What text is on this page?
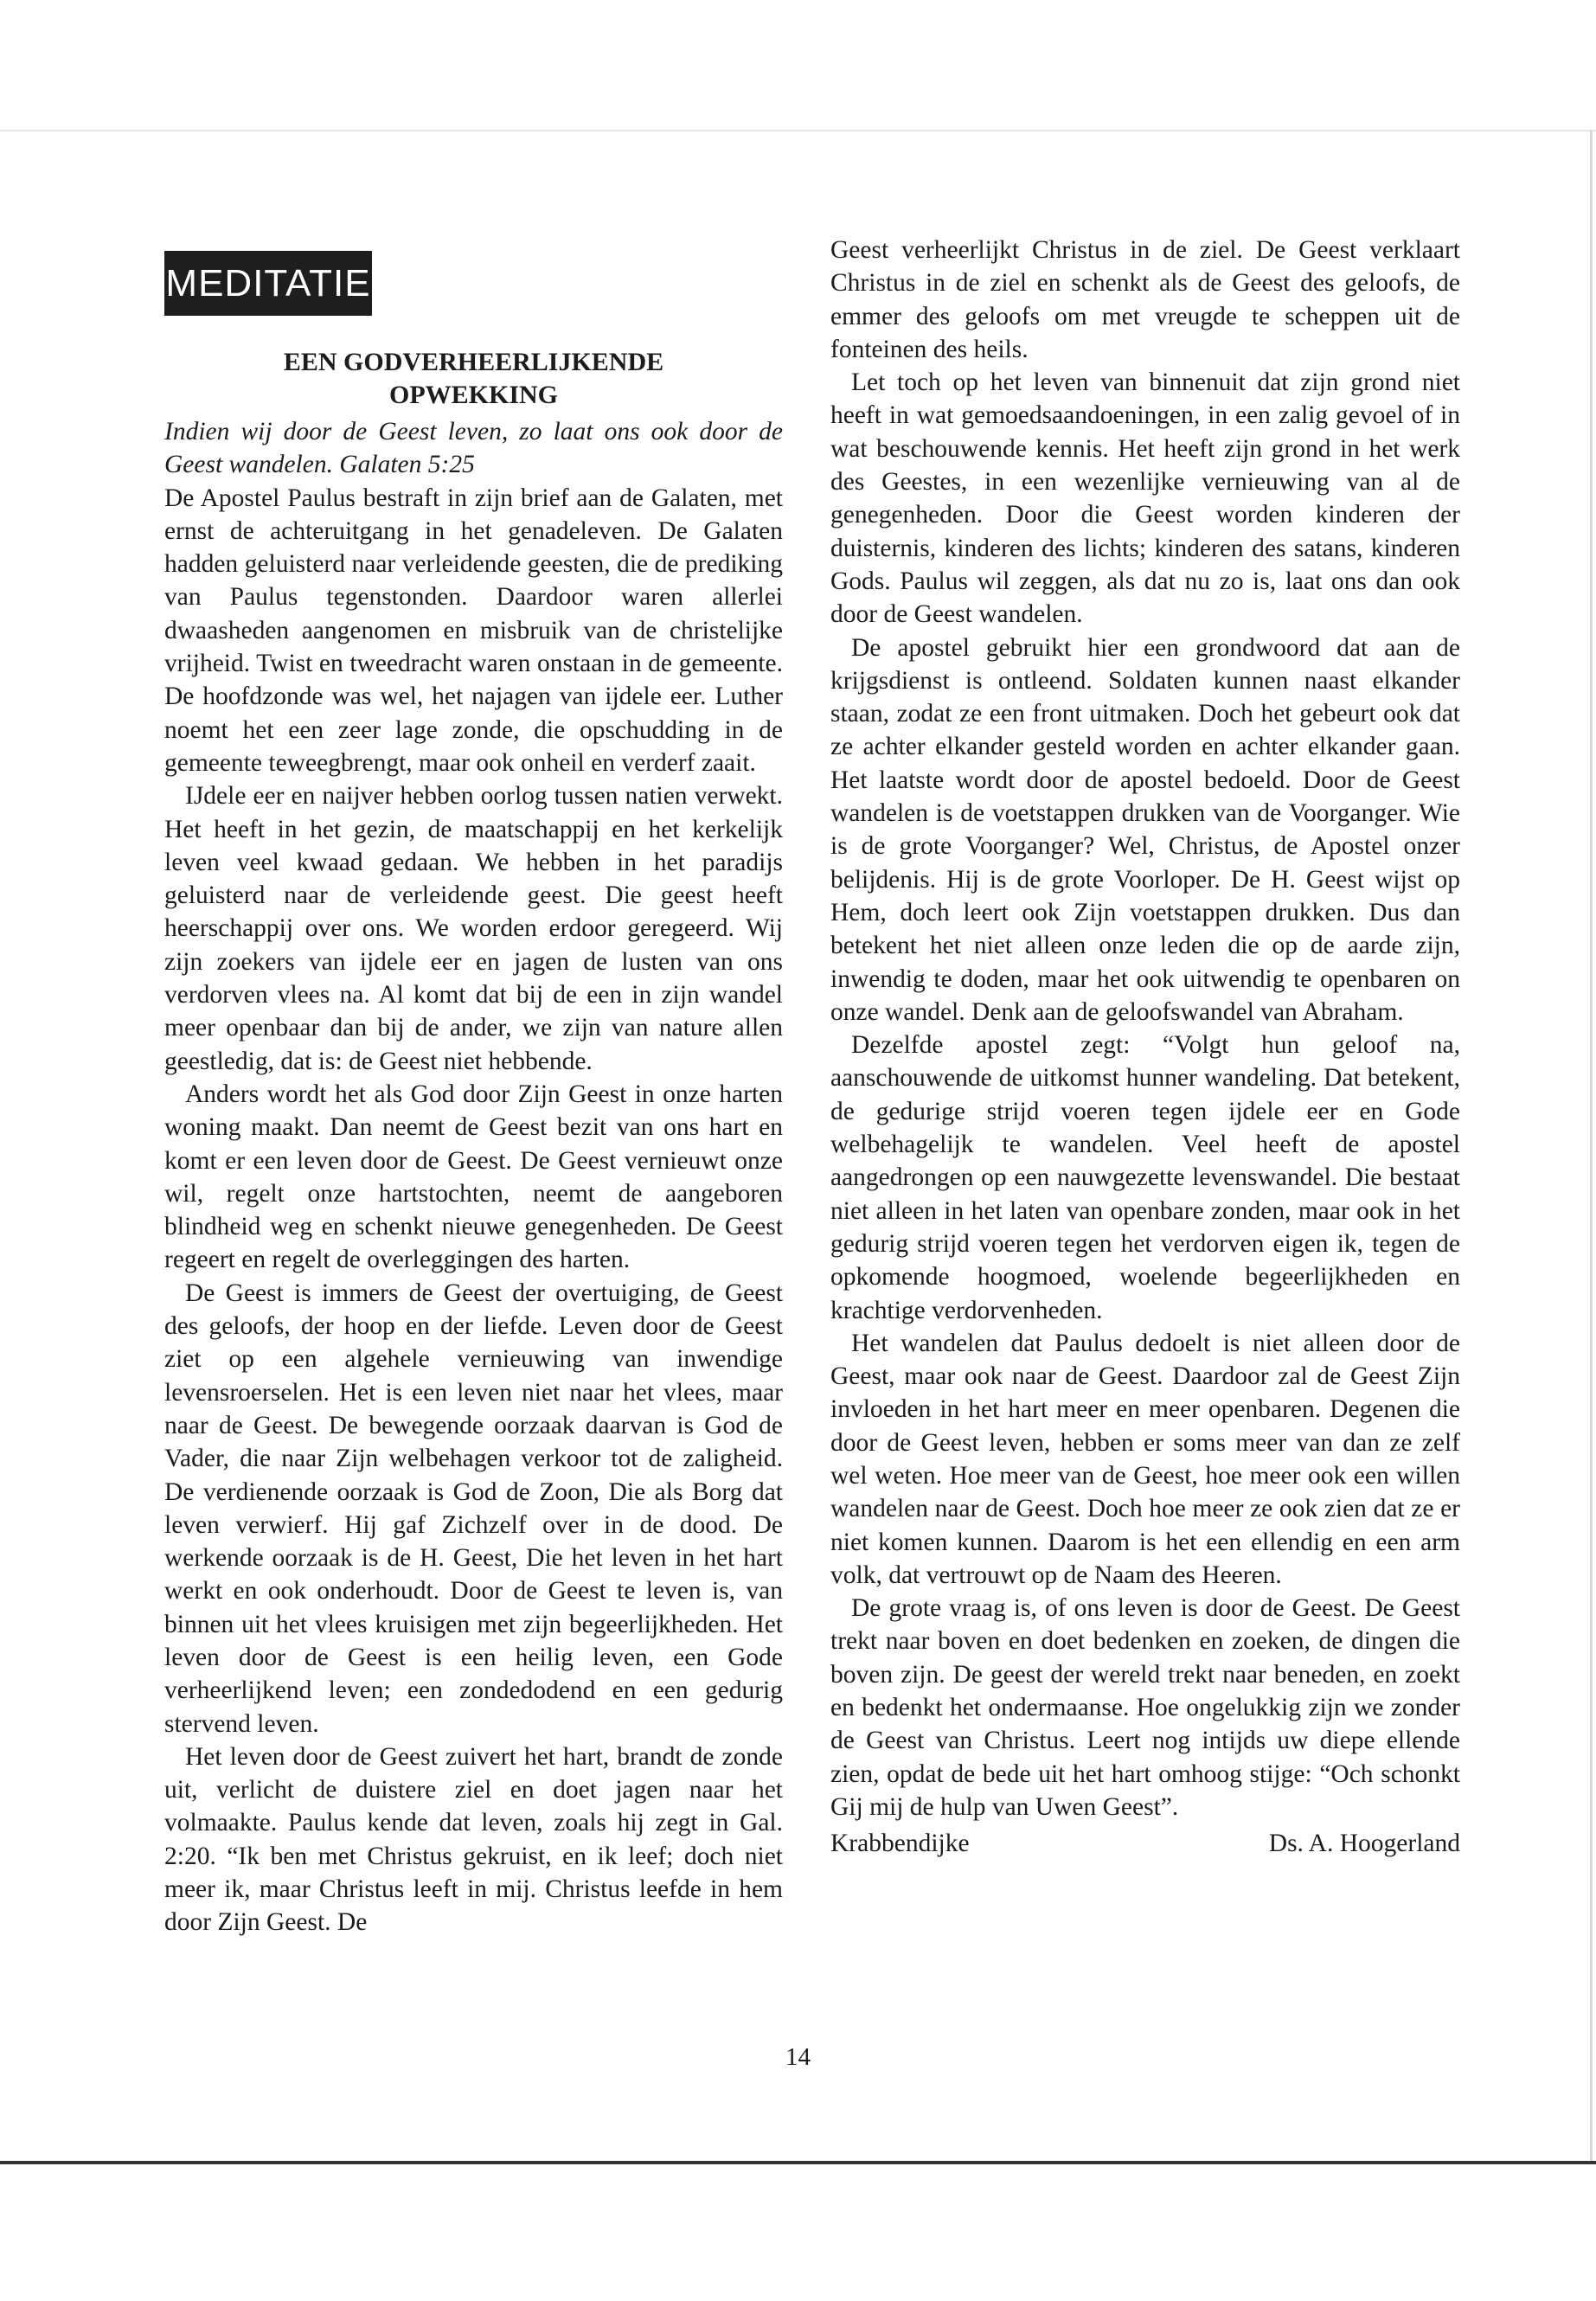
MEDITATIE
EEN GODVERHEERLIJKENDE
OPWEKKING

Indien wij door de Geest leven, zo laat ons ook door de Geest wandelen. Galaten 5:25

De Apostel Paulus bestraft in zijn brief aan de Galaten, met ernst de achteruitgang in het genadeleven. De Galaten hadden geluisterd naar verleidende geesten, die de prediking van Paulus tegenstonden. Daardoor waren allerlei dwaasheden aangenomen en misbruik van de christelijke vrijheid. Twist en tweedracht waren onstaan in de gemeente. De hoofdzonde was wel, het najagen van ijdele eer. Luther noemt het een zeer lage zonde, die opschudding in de gemeente teweegbrengt, maar ook onheil en verderf zaait.

IJdele eer en naijver hebben oorlog tussen natien verwekt. Het heeft in het gezin, de maatschappij en het kerkelijk leven veel kwaad gedaan. We hebben in het paradijs geluisterd naar de verleidende geest. Die geest heeft heerschappij over ons. We worden erdoor geregeerd. Wij zijn zoekers van ijdele eer en jagen de lusten van ons verdorven vlees na. Al komt dat bij de een in zijn wandel meer openbaar dan bij de ander, we zijn van nature allen geestledig, dat is: de Geest niet hebbende.

Anders wordt het als God door Zijn Geest in onze harten woning maakt. Dan neemt de Geest bezit van ons hart en komt er een leven door de Geest. De Geest vernieuwt onze wil, regelt onze hartstochten, neemt de aangeboren blindheid weg en schenkt nieuwe genegenheden. De Geest regeert en regelt de overleggingen des harten.

De Geest is immers de Geest der overtuiging, de Geest des geloofs, der hoop en der liefde. Leven door de Geest ziet op een algehele vernieuwing van inwendige levensroerselen. Het is een leven niet naar het vlees, maar naar de Geest. De bewegende oorzaak daarvan is God de Vader, die naar Zijn welbehagen verkoor tot de zaligheid. De verdienende oorzaak is God de Zoon, Die als Borg dat leven verwierf. Hij gaf Zichzelf over in de dood. De werkende oorzaak is de H. Geest, Die het leven in het hart werkt en ook onderhoudt. Door de Geest te leven is, van binnen uit het vlees kruisigen met zijn begeerlijkheden. Het leven door de Geest is een heilig leven, een Gode verheerlijkend leven; een zondedodend en een gedurig stervend leven.

Het leven door de Geest zuivert het hart, brandt de zonde uit, verlicht de duistere ziel en doet jagen naar het volmaakte. Paulus kende dat leven, zoals hij zegt in Gal. 2:20. “Ik ben met Christus gekruist, en ik leef; doch niet meer ik, maar Christus leeft in mij. Christus leefde in hem door Zijn Geest. De

Geest verheerlijkt Christus in de ziel. De Geest verklaart Christus in de ziel en schenkt als de Geest des geloofs, de emmer des geloofs om met vreugde te scheppen uit de fonteinen des heils.

Let toch op het leven van binnenuit dat zijn grond niet heeft in wat gemoedsaandoeningen, in een zalig gevoel of in wat beschouwende kennis. Het heeft zijn grond in het werk des Geestes, in een wezenlijke vernieuwing van al de genegenheden. Door die Geest worden kinderen der duisternis, kinderen des lichts; kinderen des satans, kinderen Gods. Paulus wil zeggen, als dat nu zo is, laat ons dan ook door de Geest wandelen.

De apostel gebruikt hier een grondwoord dat aan de krijgsdienst is ontleend. Soldaten kunnen naast elkander staan, zodat ze een front uitmaken. Doch het gebeurt ook dat ze achter elkander gesteld worden en achter elkander gaan. Het laatste wordt door de apostel bedoeld. Door de Geest wandelen is de voetstappen drukken van de Voorganger. Wie is de grote Voorganger? Wel, Christus, de Apostel onzer belijdenis. Hij is de grote Voorloper. De H. Geest wijst op Hem, doch leert ook Zijn voetstappen drukken. Dus dan betekent het niet alleen onze leden die op de aarde zijn, inwendig te doden, maar het ook uitwendig te openbaren on onze wandel. Denk aan de geloofswandel van Abraham.

Dezelfde apostel zegt: “Volgt hun geloof na, aanschouwende de uitkomst hunner wandeling. Dat betekent, de gedurige strijd voeren tegen ijdele eer en Gode welbehagelijk te wandelen. Veel heeft de apostel aangedrongen op een nauwgezette levenswandel. Die bestaat niet alleen in het laten van openbare zonden, maar ook in het gedurig strijd voeren tegen het verdorven eigen ik, tegen de opkomende hoogmoed, woelende begeerlijkheden en krachtige verdorvenheden.

Het wandelen dat Paulus dedoelt is niet alleen door de Geest, maar ook naar de Geest. Daardoor zal de Geest Zijn invloeden in het hart meer en meer openbaren. Degenen die door de Geest leven, hebben er soms meer van dan ze zelf wel weten. Hoe meer van de Geest, hoe meer ook een willen wandelen naar de Geest. Doch hoe meer ze ook zien dat ze er niet komen kunnen. Daarom is het een ellendig en een arm volk, dat vertrouwt op de Naam des Heeren.

De grote vraag is, of ons leven is door de Geest. De Geest trekt naar boven en doet bedenken en zoeken, de dingen die boven zijn. De geest der wereld trekt naar beneden, en zoekt en bedenkt het ondermaanse. Hoe ongelukkig zijn we zonder de Geest van Christus. Leert nog intijds uw diepe ellende zien, opdat de bede uit het hart omhoog stijge: “Och schonkt Gij mij de hulp van Uwen Geest”.

Krabbendijke	Ds. A. Hoogerland
14
